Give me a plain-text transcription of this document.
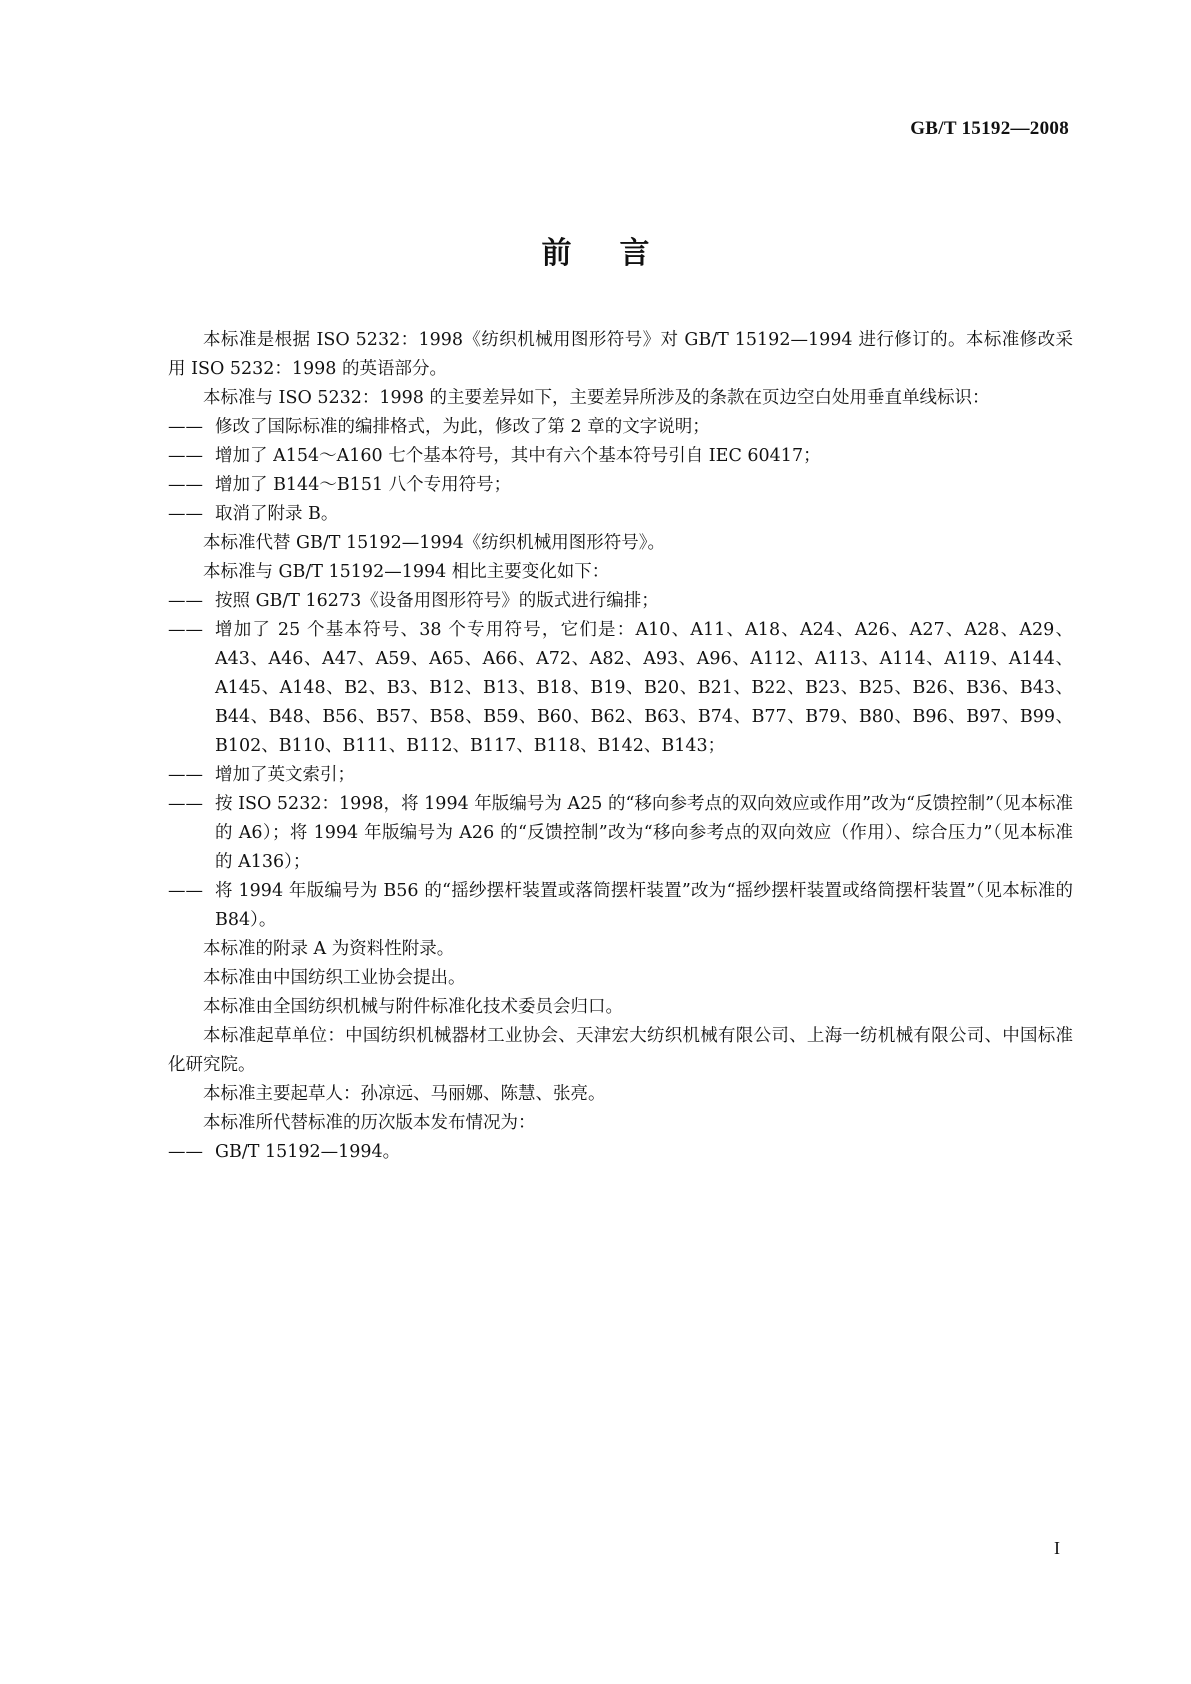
GB/T 15192—2008
前言

本标准是根据 ISO 5232：1998《纺织机械用图形符号》对 GB/T 15192—1994 进行修订的。本标准修改采用 ISO 5232：1998 的英语部分。

本标准与 ISO 5232：1998 的主要差异如下，主要差异所涉及的条款在页边空白处用垂直单线标识：

—— 修改了国际标准的编排格式，为此，修改了第 2 章的文字说明；
—— 增加了 A154～A160 七个基本符号，其中有六个基本符号引自 IEC 60417；
—— 增加了 B144～B151 八个专用符号；
—— 取消了附录 B。

本标准代替 GB/T 15192—1994《纺织机械用图形符号》。

本标准与 GB/T 15192—1994 相比主要变化如下：

—— 按照 GB/T 16273《设备用图形符号》的版式进行编排；
—— 增加了 25 个基本符号、38 个专用符号，它们是：A10、A11、A18、A24、A26、A27、A28、A29、A43、A46、A47、A59、A65、A66、A72、A82、A93、A96、A112、A113、A114、A119、A144、A145、A148、B2、B3、B12、B13、B18、B19、B20、B21、B22、B23、B25、B26、B36、B43、B44、B48、B56、B57、B58、B59、B60、B62、B63、B74、B77、B79、B80、B96、B97、B99、B102、B110、B111、B112、B117、B118、B142、B143；
—— 增加了英文索引；
—— 按 ISO 5232：1998，将 1994 年版编号为 A25 的“移向参考点的双向效应或作用”改为“反馈控制”（见本标准的 A6）；将 1994 年版编号为 A26 的“反馈控制”改为“移向参考点的双向效应（作用）、综合压力”（见本标准的 A136）；
—— 将 1994 年版编号为 B56 的“摇纱摆杆装置或落筒摆杆装置”改为“摇纱摆杆装置或络筒摆杆装置”（见本标准的 B84）。

本标准的附录 A 为资料性附录。

本标准由中国纺织工业协会提出。

本标准由全国纺织机械与附件标准化技术委员会归口。

本标准起草单位：中国纺织机械器材工业协会、天津宏大纺织机械有限公司、上海一纺机械有限公司、中国标准化研究院。

本标准主要起草人：孙凉远、马丽娜、陈慧、张亮。

本标准所代替标准的历次版本发布情况为：

—— GB/T 15192—1994。
I
